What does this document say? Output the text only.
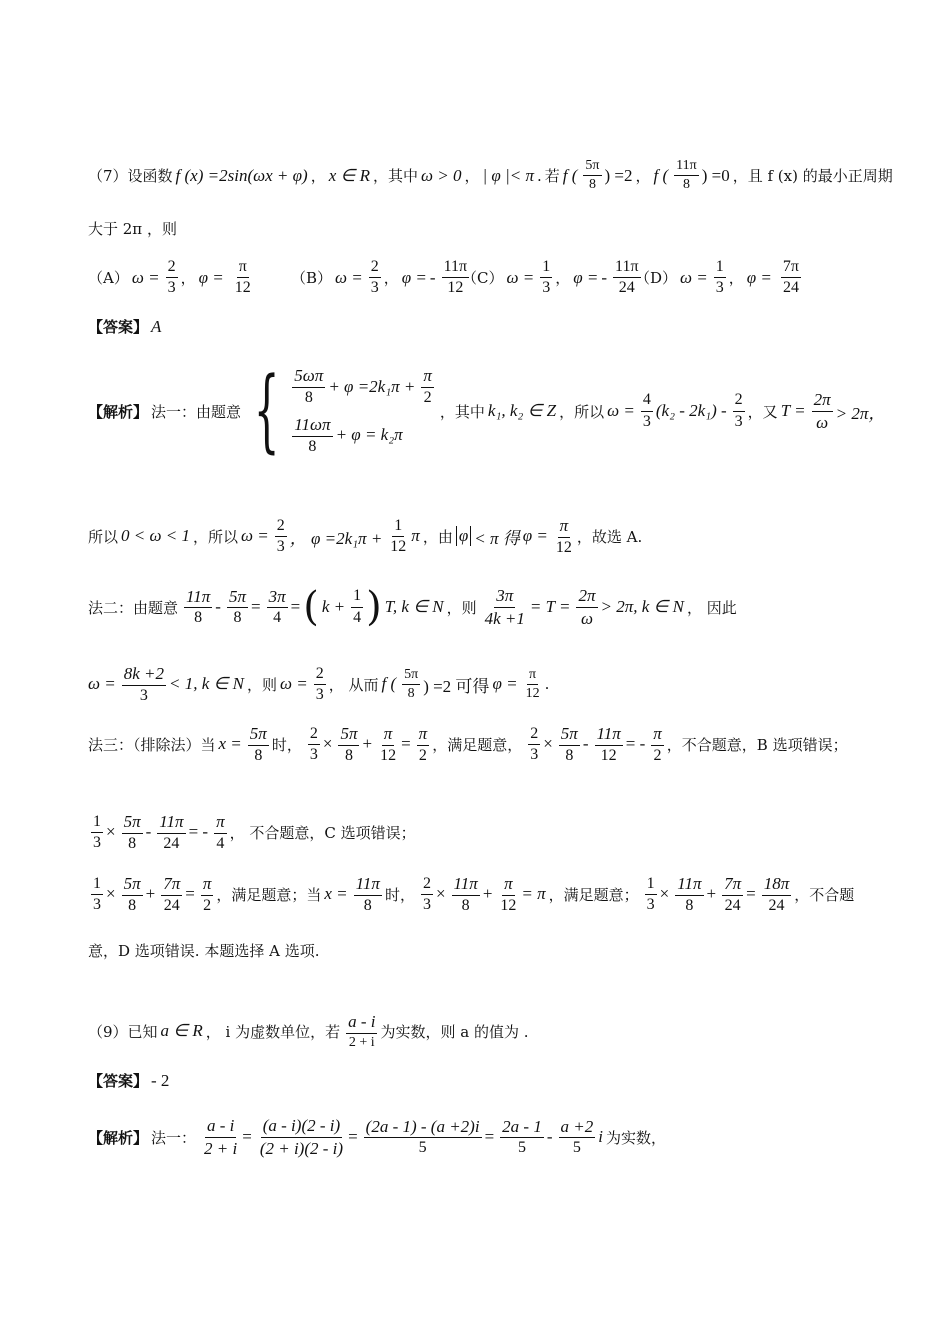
（7）设函数 f (x) =2sin(ωx + φ) ， x ∈ R ，其中 ω > 0 ， | φ |< π . 若 f ( $\frac{5\pi}{8}$ ) =2 ， f ( $\frac{11\pi}{8}$ ) =0 ，且 f (x) 的最小正周期
大于 2π ，则
（A） $\omega = \frac{2}{3}$ ， $\varphi = \frac{\pi}{12}$	（B） $\omega = \frac{2}{3}$ ， φ = - $\frac{11\pi}{12}$
（C） $\omega = \frac{1}{3}$ ， φ = - $\frac{11\pi}{24}$
（D） $\omega = \frac{1}{3}$ ， $\varphi = \frac{7\pi}{24}$
【答案】 A
【解析】 法一：由题意 { $\frac{5\omega\pi}{8} + \varphi =2k_1\pi + \frac{\pi}{2}$
$\frac{11\omega\pi}{8} + \varphi = k_2\pi$
，其中 k₁, k₂ ∈ Z ，所以 $\omega = \frac{4}{3} (k_2 - 2k_1) - \frac{2}{3}$ ，又 $T = \frac{2\pi}{\omega} > 2\pi$，
所以 0 < ω < 1 ，所以 $\omega = \frac{2}{3}$ ， $\varphi =2k_1\pi + \frac{1}{12}$ π ，由 φ < π 得 $\varphi = \frac{\pi}{12}$ ，故选 A.
法二：由题意 $\frac{11\pi}{8} - \frac{5\pi}{8} = \frac{3\pi}{4}$ = ( $k + \frac{1}{4}$ ) T, k ∈ N ，则 $\frac{3\pi}{4k +1} = T = \frac{2\pi}{\omega} > 2\pi$, k ∈ N ， 因此
$\omega = \frac{8k +2}{3} < 1$, k ∈ N ，则 $\omega = \frac{2}{3}$ ， 从而 f ( $\frac{5\pi}{8}$ ) =2 可得 $\varphi = \frac{\pi}{12}$ .
法三：（排除法）当 $x = \frac{5\pi}{8}$ 时， $\frac{2}{3} \times \frac{5\pi}{8} + \frac{\pi}{12} = \frac{\pi}{2}$ ，满足题意， $\frac{2}{3} \times \frac{5\pi}{8} - \frac{11\pi}{12}$ = - $\frac{\pi}{2}$ ，不合题意，B 选项错误；
$\frac{1}{3} \times \frac{5\pi}{8} - \frac{11\pi}{24}$ = - $\frac{\pi}{4}$ ， 不合题意，C 选项错误；
$\frac{1}{3} \times \frac{5\pi}{8} + \frac{7\pi}{24} = \frac{\pi}{2}$ ，满足题意；当 $x = \frac{11\pi}{8}$ 时， $\frac{2}{3} \times \frac{11\pi}{8} + \frac{\pi}{12} = \pi$ ，满足题意； $\frac{1}{3} \times \frac{11\pi}{8} + \frac{7\pi}{24} = \frac{18\pi}{24}$ ，不合题
意，D 选项错误. 本题选择 A 选项.
（9）已知 a ∈ R ， i 为虚数单位，若 $\frac{a - i}{2 + i}$ 为实数，则 a 的值为 .
【答案】 - 2
【解析】 法一： $\frac{a - i}{2 + i} = \frac{(a - i)(2 - i)}{(2 + i)(2 - i)} = \frac{(2a - 1) - (a +2)i}{5} = \frac{2a - 1}{5} - \frac{a +2}{5}$ i 为实数，
